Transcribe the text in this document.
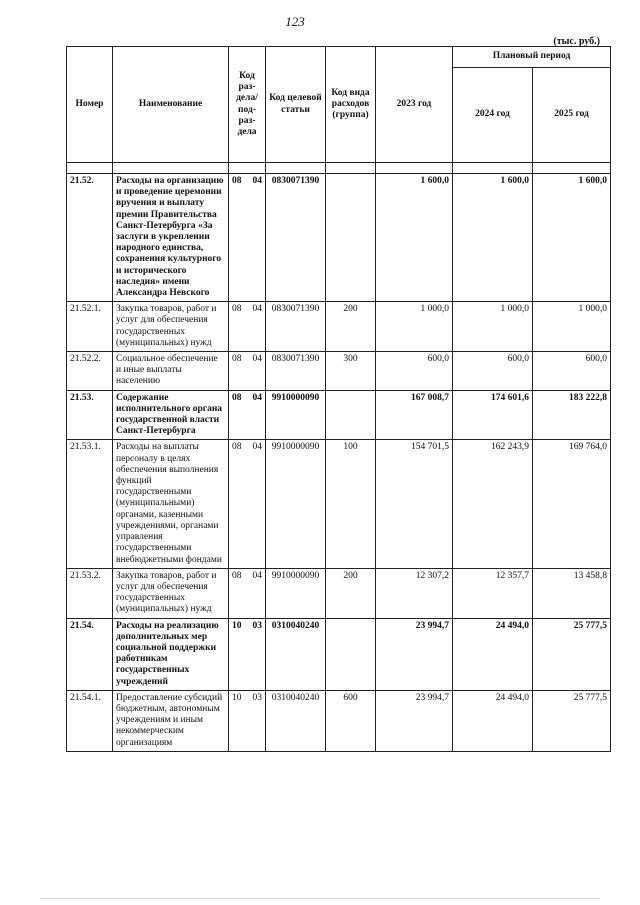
123
(тыс. руб.)
Номер	Наименование	Код раз-дела/ под-раз-дела	Код целевой статьи	Код вида расходов (группа)	2023 год	Плановый период	
						2024 год	2025 год

21.52.	Расходы на организацию и проведение церемонии вручения и выплату премии Правительства Санкт-Петербурга «За заслуги в укреплении народного единства, сохранения культурного и исторического наследия» имени Александра Невского	08 04	0830071390		1 600,0	1 600,0	1 600,0
21.52.1.	Закупка товаров, работ и услуг для обеспечения государственных (муниципальных) нужд	08 04	0830071390	200	1 000,0	1 000,0	1 000,0
21.52.2.	Социальное обеспечение и иные выплаты населению	08 04	0830071390	300	600,0	600,0	600,0
21.53.	Содержание исполнительного органа государственной власти Санкт-Петербурга	08 04	9910000090		167 008,7	174 601,6	183 222,8
21.53.1.	Расходы на выплаты персоналу в целях обеспечения выполнения функций государственными (муниципальными) органами, казенными учреждениями, органами управления государственными внебюджетными фондами	08 04	9910000090	100	154 701,5	162 243,9	169 764,0
21.53.2.	Закупка товаров, работ и услуг для обеспечения государственных (муниципальных) нужд	08 04	9910000090	200	12 307,2	12 357,7	13 458,8
21.54.	Расходы на реализацию дополнительных мер социальной поддержки работникам государственных учреждений	10 03	0310040240		23 994,7	24 494,0	25 777,5
21.54.1.	Предоставление субсидий бюджетным, автономным учреждениям и иным некоммерческим организациям	10 03	0310040240	600	23 994,7	24 494,0	25 777,5
